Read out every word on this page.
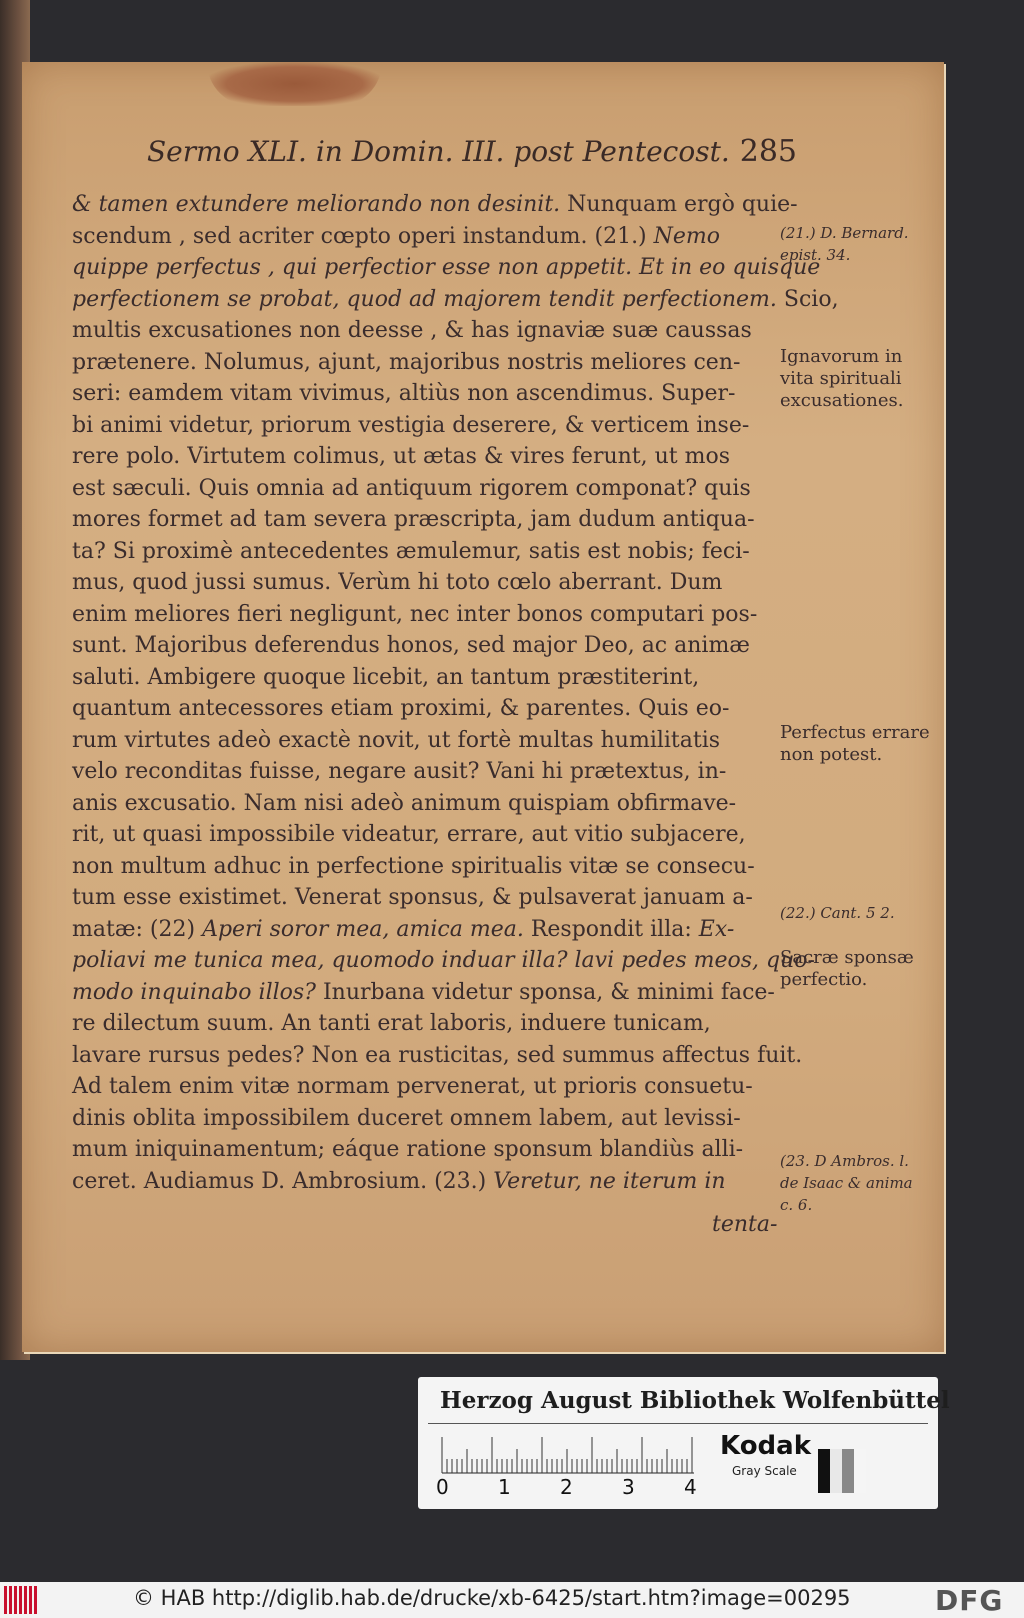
Sermo XLI. in Domin. III. post Pentecost. 285
& tamen extundere meliorando non desinit. Nunquam ergò quie-
scendum , sed acriter cœpto operi instandum. (21.) Nemo
quippe perfectus , qui perfectior esse non appetit. Et in eo quisque
perfectionem se probat, quod ad majorem tendit perfectionem. Scio,
multis excusationes non deesse , & has ignaviæ suæ caussas
prætenere. Nolumus, ajunt, majoribus nostris meliores cen-
seri: eamdem vitam vivimus, altiùs non ascendimus. Super-
bi animi videtur, priorum vestigia deserere, & verticem inse-
rere polo. Virtutem colimus, ut ætas & vires ferunt, ut mos
est sæculi. Quis omnia ad antiquum rigorem componat? quis
mores formet ad tam severa præscripta, jam dudum antiqua-
ta? Si proximè antecedentes æmulemur, satis est nobis; feci-
mus, quod jussi sumus. Verùm hi toto cœlo aberrant. Dum
enim meliores fieri negligunt, nec inter bonos computari pos-
sunt. Majoribus deferendus honos, sed major Deo, ac animæ
saluti. Ambigere quoque licebit, an tantum præstiterint,
quantum antecessores etiam proximi, & parentes. Quis eo-
rum virtutes adeò exactè novit, ut fortè multas humilitatis
velo reconditas fuisse, negare ausit? Vani hi prætextus, in-
anis excusatio. Nam nisi adeò animum quispiam obfirmave-
rit, ut quasi impossibile videatur, errare, aut vitio subjacere,
non multum adhuc in perfectione spiritualis vitæ se consecu-
tum esse existimet. Venerat sponsus, & pulsaverat januam a-
matæ: (22) Aperi soror mea, amica mea. Respondit illa: Ex-
poliavi me tunica mea, quomodo induar illa? lavi pedes meos, quo-
modo inquinabo illos? Inurbana videtur sponsa, & minimi face-
re dilectum suum. An tanti erat laboris, induere tunicam,
lavare rursus pedes? Non ea rusticitas, sed summus affectus fuit.
Ad talem enim vitæ normam pervenerat, ut prioris consuetu-
dinis oblita impossibilem duceret omnem labem, aut levissi-
mum iniquinamentum; eáque ratione sponsum blandiùs alli-
ceret. Audiamus D. Ambrosium. (23.) Veretur, ne iterum in
(21.) D. Bernard. epist. 34.
Ignavorum in vita spirituali excusationes.
Perfectus errare non potest.
(22.) Cant. 5 2.
Sacræ sponsæ perfectio.
(23. D Ambros. l. de Isaac & anima c. 6.
tenta-
Herzog August Bibliothek Wolfenbüttel
0 1 2 3 4
Kodak
Gray Scale
© HAB http://diglib.hab.de/drucke/xb-6425/start.htm?image=00295	DFG
